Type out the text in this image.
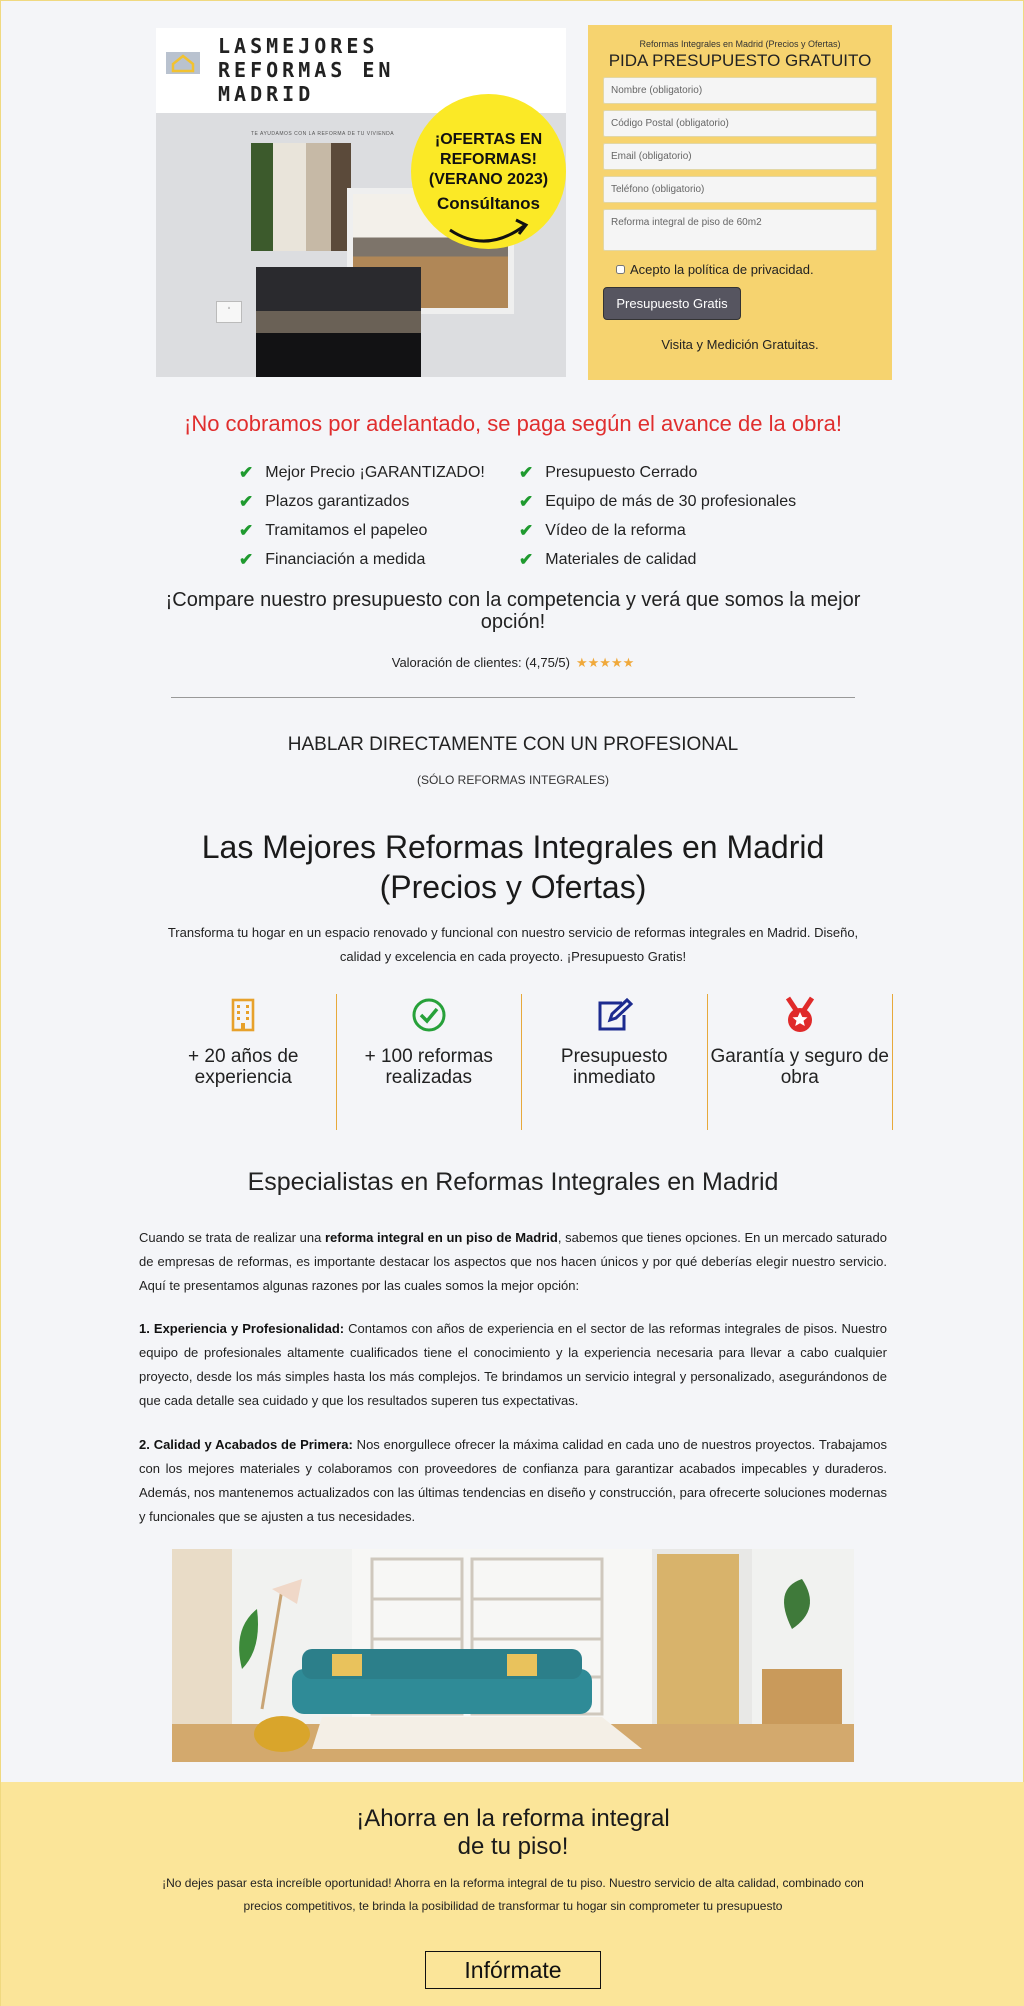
LASMEJORES
REFORMAS EN
MADRID
TE AYUDAMOS CON LA REFORMA DE TU VIVIENDA
⌂
¡OFERTAS EN
REFORMAS!
(VERANO 2023)
Consúltanos
Reformas Integrales en Madrid (Precios y Ofertas)
PIDA PRESUPUESTO GRATUITO
Nombre (obligatorio)
Código Postal (obligatorio)
Email (obligatorio)
Teléfono (obligatorio)
Reforma integral de piso de 60m2
Acepto la política de privacidad.
Presupuesto Gratis
Visita y Medición Gratuitas.
¡No cobramos por adelantado, se paga según el avance de la obra!
✔ Mejor Precio ¡GARANTIZADO! ✔ Presupuesto Cerrado
✔ Plazos garantizados	✔ Equipo de más de 30 profesionales
✔ Tramitamos el papeleo	✔ Vídeo de la reforma
✔ Financiación a medida	✔ Materiales de calidad
¡Compare nuestro presupuesto con la competencia y verá que somos la mejor opción!
Valoración de clientes: (4,75/5) ★★★★★
HABLAR DIRECTAMENTE CON UN PROFESIONAL
(SÓLO REFORMAS INTEGRALES)
Las Mejores Reformas Integrales en Madrid (Precios y Ofertas)

Transforma tu hogar en un espacio renovado y funcional con nuestro servicio de reformas integrales en Madrid. Diseño, calidad y excelencia en cada proyecto. ¡Presupuesto Gratis!

+ 20 años de experiencia
+ 100 reformas realizadas
Presupuesto inmediato
Garantía y seguro de obra
Especialistas en Reformas Integrales en Madrid

Cuando se trata de realizar una reforma integral en un piso de Madrid, sabemos que tienes opciones. En un mercado saturado de empresas de reformas, es importante destacar los aspectos que nos hacen únicos y por qué deberías elegir nuestro servicio. Aquí te presentamos algunas razones por las cuales somos la mejor opción:

1. Experiencia y Profesionalidad: Contamos con años de experiencia en el sector de las reformas integrales de pisos. Nuestro equipo de profesionales altamente cualificados tiene el conocimiento y la experiencia necesaria para llevar a cabo cualquier proyecto, desde los más simples hasta los más complejos. Te brindamos un servicio integral y personalizado, asegurándonos de que cada detalle sea cuidado y que los resultados superen tus expectativas.

2. Calidad y Acabados de Primera: Nos enorgullece ofrecer la máxima calidad en cada uno de nuestros proyectos. Trabajamos con los mejores materiales y colaboramos con proveedores de confianza para garantizar acabados impecables y duraderos. Además, nos mantenemos actualizados con las últimas tendencias en diseño y construcción, para ofrecerte soluciones modernas y funcionales que se ajusten a tus necesidades.

¡Ahorra en la reforma integral
de tu piso!

¡No dejes pasar esta increíble oportunidad! Ahorra en la reforma integral de tu piso. Nuestro servicio de alta calidad, combinado con precios competitivos, te brinda la posibilidad de transformar tu hogar sin comprometer tu presupuesto

Infórmate
